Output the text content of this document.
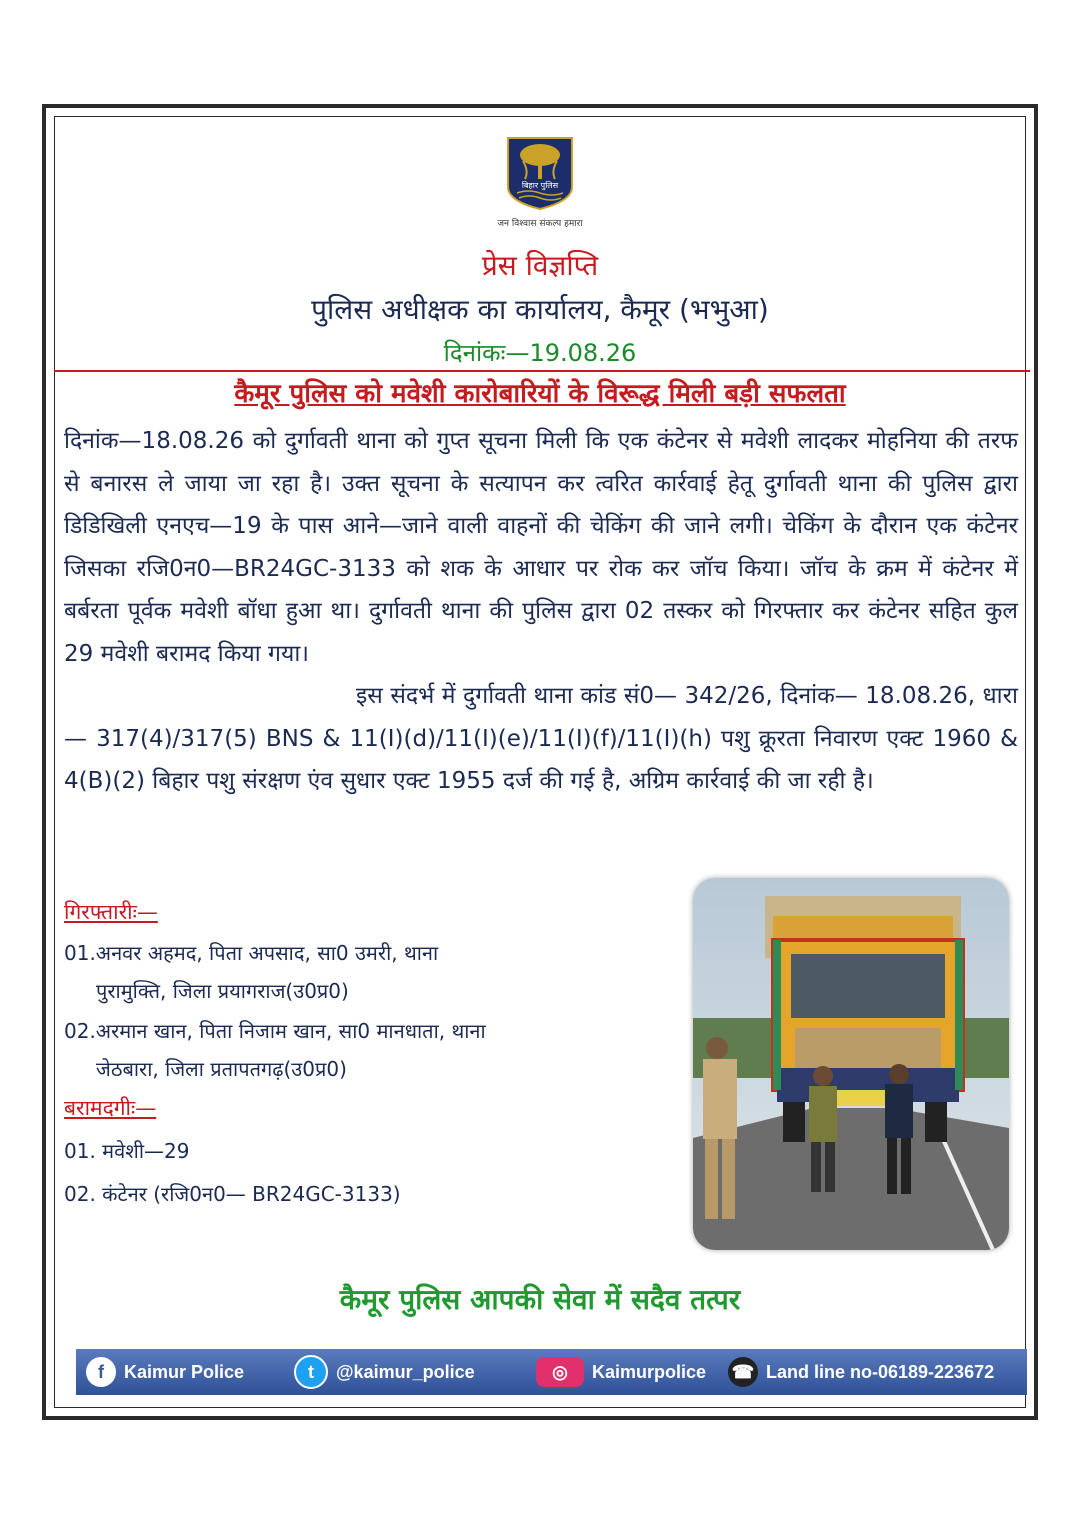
बिहार पुलिस
जन विश्वास संकल्प हमारा
प्रेस विज्ञप्ति
पुलिस अधीक्षक का कार्यालय, कैमूर (भभुआ)
दिनांकः—19.08.26
कैमूर पुलिस को मवेशी कारोबारियों के विरूद्ध मिली बड़ी सफलता

दिनांक—18.08.26 को दुर्गावती थाना को गुप्त सूचना मिली कि एक कंटेनर से मवेशी लादकर मोहनिया की तरफ से बनारस ले जाया जा रहा है। उक्त सूचना के सत्यापन कर त्वरित कार्रवाई हेतू दुर्गावती थाना की पुलिस द्वारा डिडिखिली एनएच—19 के पास आने—जाने वाली वाहनों की चेकिंग की जाने लगी। चेकिंग के दौरान एक कंटेनर जिसका रजि0न0—BR24GC-3133 को शक के आधार पर रोक कर जॉच किया। जॉच के क्रम में कंटेनर में बर्बरता पूर्वक मवेशी बॉधा हुआ था। दुर्गावती थाना की पुलिस द्वारा 02 तस्कर को गिरफ्तार कर कंटेनर सहित कुल 29 मवेशी बरामद किया गया।

इस संदर्भ में दुर्गावती थाना कांड सं0— 342/26, दिनांक— 18.08.26, धारा— 317(4)/317(5) BNS & 11(I)(d)/11(I)(e)/11(I)(f)/11(I)(h) पशु क्रूरता निवारण एक्ट 1960 & 4(B)(2) बिहार पशु संरक्षण एंव सुधार एक्ट 1955 दर्ज की गई है, अग्रिम कार्रवाई की जा रही है।

गिरफ्तारीः—
01.अनवर अहमद, पिता अपसाद, सा0 उमरी, थाना
पुरामुक्ति, जिला प्रयागराज(उ0प्र0)
02.अरमान खान, पिता निजाम खान, सा0 मानधाता, थाना
जेठबारा, जिला प्रतापतगढ़(उ0प्र0)
बरामदगीः—
01. मवेशी—29
02. कंटेनर (रजि0न0— BR24GC-3133)
कैमूर पुलिस आपकी सेवा में सदैव तत्पर
f	Kaimur Police	t	@kaimur_police	◎	Kaimurpolice ☎ Land line no-06189-223672
